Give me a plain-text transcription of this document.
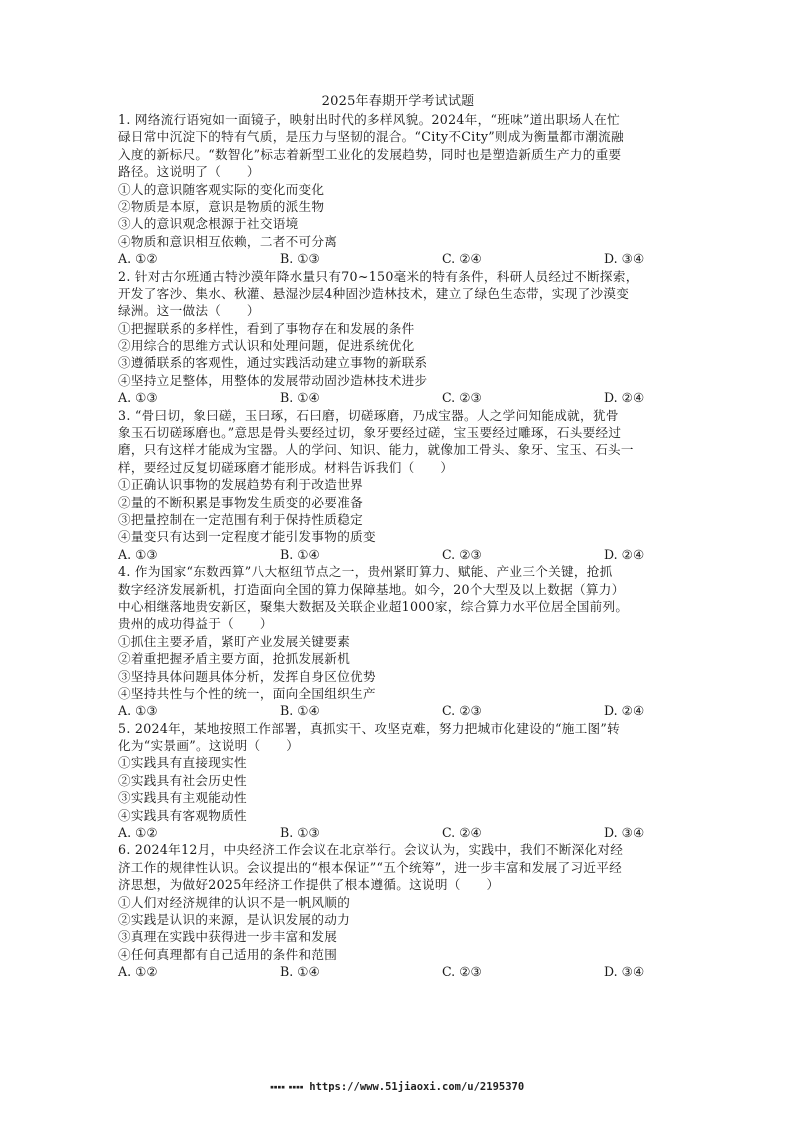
2025年春期开学考试试题
1. 网络流行语宛如一面镜子，映射出时代的多样风貌。2024年，“班味”道出职场人在忙
碌日常中沉淀下的特有气质，是压力与坚韧的混合。“City不City”则成为衡量都市潮流融
入度的新标尺。“数智化”标志着新型工业化的发展趋势，同时也是塑造新质生产力的重要
路径。这说明了（　　）
①人的意识随客观实际的变化而变化
②物质是本原，意识是物质的派生物
③人的意识观念根源于社交语境
④物质和意识相互依赖，二者不可分离
A. ①②	B. ①③	C. ②④	D. ③④
2. 针对古尔班通古特沙漠年降水量只有70~150毫米的特有条件，科研人员经过不断探索，
开发了客沙、集水、秋灌、悬湿沙层4种固沙造林技术，建立了绿色生态带，实现了沙漠变
绿洲。这一做法（　　）
①把握联系的多样性，看到了事物存在和发展的条件
②用综合的思维方式认识和处理问题，促进系统优化
③遵循联系的客观性，通过实践活动建立事物的新联系
④坚持立足整体，用整体的发展带动固沙造林技术进步
A. ①③	B. ①④	C. ②③	D. ②④
3. “骨曰切，象曰磋，玉曰琢，石曰磨，切磋琢磨，乃成宝器。人之学问知能成就，犹骨
象玉石切磋琢磨也。”意思是骨头要经过切，象牙要经过磋，宝玉要经过雕琢，石头要经过
磨，只有这样才能成为宝器。人的学问、知识、能力，就像加工骨头、象牙、宝玉、石头一
样，要经过反复切磋琢磨才能形成。材料告诉我们（　　）
①正确认识事物的发展趋势有利于改造世界
②量的不断积累是事物发生质变的必要准备
③把量控制在一定范围有利于保持性质稳定
④量变只有达到一定程度才能引发事物的质变
A. ①③	B. ①④	C. ②③	D. ②④
4. 作为国家“东数西算”八大枢纽节点之一，贵州紧盯算力、赋能、产业三个关键，抢抓
数字经济发展新机，打造面向全国的算力保障基地。如今，20个大型及以上数据（算力）
中心相继落地贵安新区，聚集大数据及关联企业超1000家，综合算力水平位居全国前列。
贵州的成功得益于（　　）
①抓住主要矛盾，紧盯产业发展关键要素
②着重把握矛盾主要方面，抢抓发展新机
③坚持具体问题具体分析，发挥自身区位优势
④坚持共性与个性的统一，面向全国组织生产
A. ①③	B. ①④	C. ②③	D. ②④
5. 2024年，某地按照工作部署，真抓实干、攻坚克难，努力把城市化建设的“施工图”转
化为“实景画”。这说明（　　）
①实践具有直接现实性
②实践具有社会历史性
③实践具有主观能动性
④实践具有客观物质性
A. ①②	B. ①③	C. ②④	D. ③④
6. 2024年12月，中央经济工作会议在北京举行。会议认为，实践中，我们不断深化对经
济工作的规律性认识。会议提出的“根本保证”“五个统筹”，进一步丰富和发展了习近平经
济思想，为做好2025年经济工作提供了根本遵循。这说明（　　）
①人们对经济规律的认识不是一帆风顺的
②实践是认识的来源，是认识发展的动力
③真理在实践中获得进一步丰富和发展
④任何真理都有自己适用的条件和范围
A. ①②	B. ①④	C. ②③	D. ③④
▪▪▪▪ ▪▪▪▪ https://www.51jiaoxi.com/u/2195370
